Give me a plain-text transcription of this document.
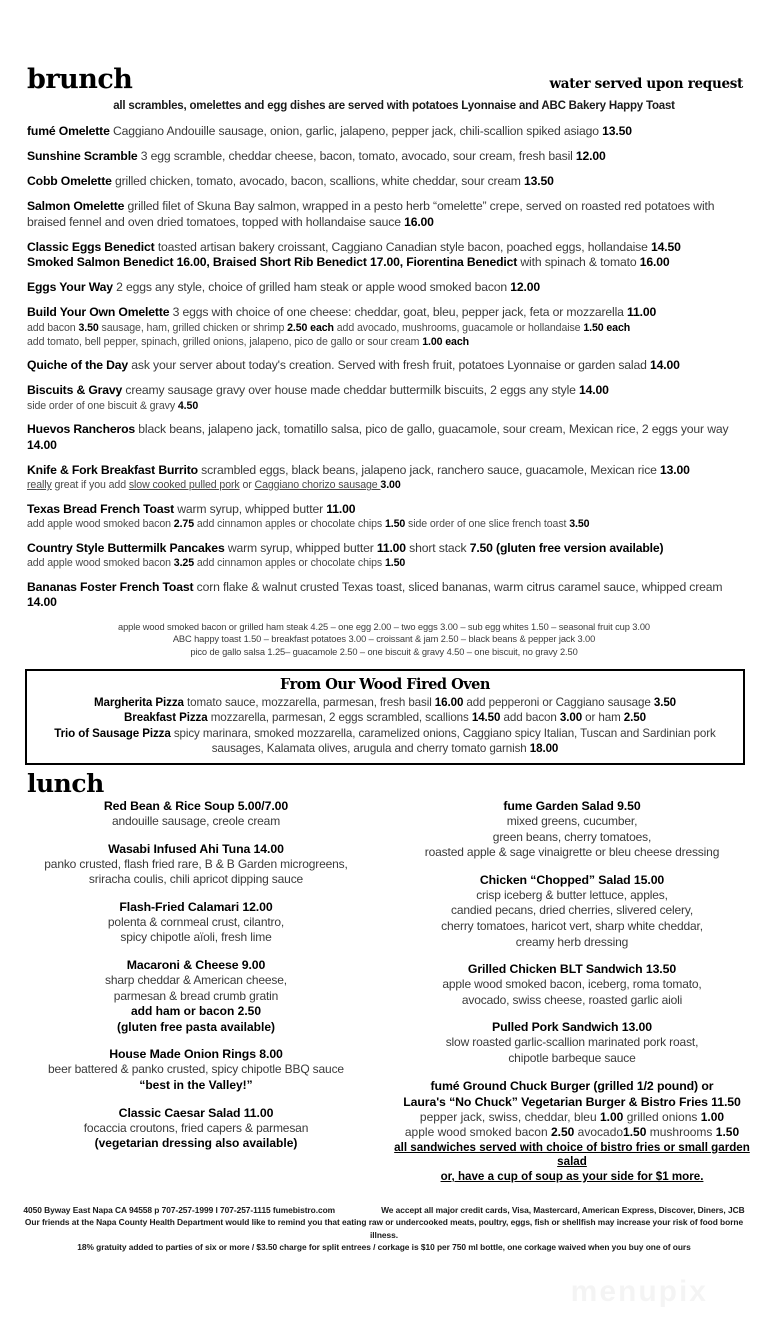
brunch	water served upon request
all scrambles, omelettes and egg dishes are served with potatoes Lyonnaise and ABC Bakery Happy Toast
fumé Omelette Caggiano Andouille sausage, onion, garlic, jalapeno, pepper jack, chili-scallion spiked asiago 13.50
Sunshine Scramble 3 egg scramble, cheddar cheese, bacon, tomato, avocado, sour cream, fresh basil 12.00
Cobb Omelette grilled chicken, tomato, avocado, bacon, scallions, white cheddar, sour cream 13.50
Salmon Omelette grilled filet of Skuna Bay salmon, wrapped in a pesto herb “omelette” crepe, served on roasted red potatoes with braised fennel and oven dried tomatoes, topped with hollandaise sauce 16.00
Classic Eggs Benedict toasted artisan bakery croissant, Caggiano Canadian style bacon, poached eggs, hollandaise 14.50
Smoked Salmon Benedict 16.00, Braised Short Rib Benedict 17.00, Fiorentina Benedict with spinach & tomato 16.00
Eggs Your Way 2 eggs any style, choice of grilled ham steak or apple wood smoked bacon 12.00
Build Your Own Omelette 3 eggs with choice of one cheese: cheddar, goat, bleu, pepper jack, feta or mozzarella 11.00
add bacon 3.50 sausage, ham, grilled chicken or shrimp 2.50 each add avocado, mushrooms, guacamole or hollandaise 1.50 each
add tomato, bell pepper, spinach, grilled onions, jalapeno, pico de gallo or sour cream 1.00 each
Quiche of the Day ask your server about today's creation. Served with fresh fruit, potatoes Lyonnaise or garden salad 14.00
Biscuits & Gravy creamy sausage gravy over house made cheddar buttermilk biscuits, 2 eggs any style 14.00
side order of one biscuit & gravy 4.50
Huevos Rancheros black beans, jalapeno jack, tomatillo salsa, pico de gallo, guacamole, sour cream, Mexican rice, 2 eggs your way 14.00
Knife & Fork Breakfast Burrito scrambled eggs, black beans, jalapeno jack, ranchero sauce, guacamole, Mexican rice 13.00
really great if you add slow cooked pulled pork or Caggiano chorizo sausage 3.00
Texas Bread French Toast warm syrup, whipped butter 11.00
add apple wood smoked bacon 2.75 add cinnamon apples or chocolate chips 1.50 side order of one slice french toast 3.50
Country Style Buttermilk Pancakes warm syrup, whipped butter 11.00 short stack 7.50 (gluten free version available)
add apple wood smoked bacon 3.25 add cinnamon apples or chocolate chips 1.50
Bananas Foster French Toast corn flake & walnut crusted Texas toast, sliced bananas, warm citrus caramel sauce, whipped cream 14.00
apple wood smoked bacon or grilled ham steak 4.25 – one egg 2.00 – two eggs 3.00 – sub egg whites 1.50 – seasonal fruit cup 3.00
ABC happy toast 1.50 – breakfast potatoes 3.00 – croissant & jam 2.50 – black beans & pepper jack 3.00
pico de gallo salsa 1.25– guacamole 2.50 – one biscuit & gravy 4.50 – one biscuit, no gravy 2.50
From Our Wood Fired Oven
Margherita Pizza tomato sauce, mozzarella, parmesan, fresh basil 16.00 add pepperoni or Caggiano sausage 3.50
Breakfast Pizza mozzarella, parmesan, 2 eggs scrambled, scallions 14.50 add bacon 3.00 or ham 2.50
Trio of Sausage Pizza spicy marinara, smoked mozzarella, caramelized onions, Caggiano spicy Italian, Tuscan and Sardinian pork sausages, Kalamata olives, arugula and cherry tomato garnish 18.00
lunch
Red Bean & Rice Soup 5.00/7.00
andouille sausage, creole cream
Wasabi Infused Ahi Tuna 14.00
panko crusted, flash fried rare, B & B Garden microgreens,
sriracha coulis, chili apricot dipping sauce
Flash-Fried Calamari 12.00
polenta & cornmeal crust, cilantro,
spicy chipotle aïoli, fresh lime
Macaroni & Cheese 9.00
sharp cheddar & American cheese,
parmesan & bread crumb gratin
add ham or bacon 2.50
(gluten free pasta available)
House Made Onion Rings 8.00
beer battered & panko crusted, spicy chipotle BBQ sauce
“best in the Valley!”
Classic Caesar Salad 11.00
focaccia croutons, fried capers & parmesan
(vegetarian dressing also available)
fume Garden Salad 9.50
mixed greens, cucumber,
green beans, cherry tomatoes,
roasted apple & sage vinaigrette or bleu cheese dressing
Chicken “Chopped” Salad 15.00
crisp iceberg & butter lettuce, apples,
candied pecans, dried cherries, slivered celery,
cherry tomatoes, haricot vert, sharp white cheddar,
creamy herb dressing
Grilled Chicken BLT Sandwich 13.50
apple wood smoked bacon, iceberg, roma tomato,
avocado, swiss cheese, roasted garlic aioli
Pulled Pork Sandwich 13.00
slow roasted garlic-scallion marinated pork roast,
chipotle barbeque sauce
fumé Ground Chuck Burger (grilled 1/2 pound) or
Laura's “No Chuck” Vegetarian Burger & Bistro Fries 11.50
pepper jack, swiss, cheddar, bleu 1.00 grilled onions 1.00
apple wood smoked bacon 2.50 avocado1.50 mushrooms 1.50
all sandwiches served with choice of bistro fries or small garden salad
or, have a cup of soup as your side for $1 more.
4050 Byway East Napa CA 94558 p 707-257-1999 I 707-257-1115 fumebistro.com	We accept all major credit cards, Visa, Mastercard, American Express, Discover, Diners, JCB
Our friends at the Napa County Health Department would like to remind you that eating raw or undercooked meats, poultry, eggs, fish or shellfish may increase your risk of food borne illness.
18% gratuity added to parties of six or more / $3.50 charge for split entrees / corkage is $10 per 750 ml bottle, one corkage waived when you buy one of ours
